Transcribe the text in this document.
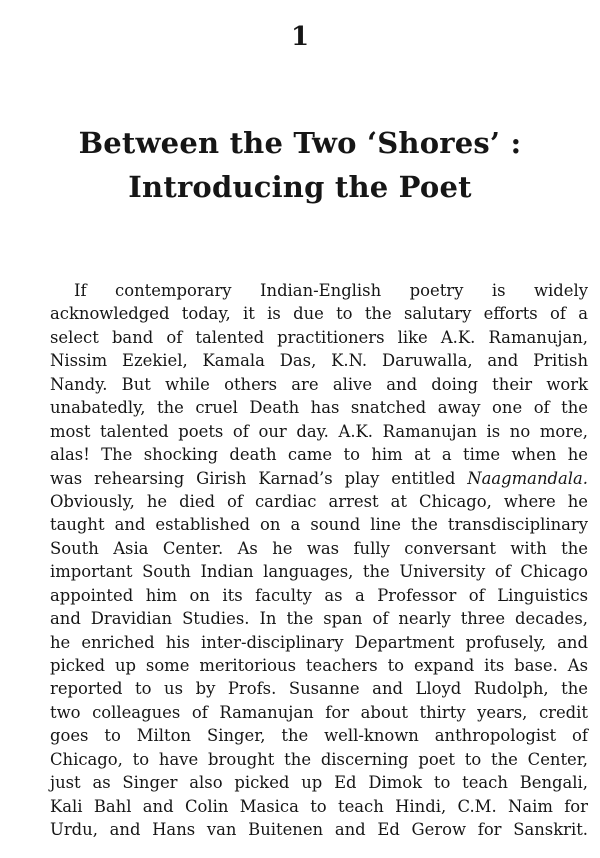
1
Between the Two ‘Shores’ :
Introducing the Poet
If contemporary Indian-English poetry is widely
acknowledged today, it is due to the salutary efforts of a
select band of talented practitioners like A.K. Ramanujan,
Nissim Ezekiel, Kamala Das, K.N. Daruwalla, and Pritish
Nandy. But while others are alive and doing their work
unabatedly, the cruel Death has snatched away one of the
most talented poets of our day. A.K. Ramanujan is no more,
alas! The shocking death came to him at a time when he
was rehearsing Girish Karnad’s play entitled Naagmandala.
Obviously, he died of cardiac arrest at Chicago, where he
taught and established on a sound line the transdisciplinary
South Asia Center. As he was fully conversant with the
important South Indian languages, the University of Chicago
appointed him on its faculty as a Professor of Linguistics
and Dravidian Studies. In the span of nearly three decades,
he enriched his inter-disciplinary Department profusely, and
picked up some meritorious teachers to expand its base. As
reported to us by Profs. Susanne and Lloyd Rudolph, the
two colleagues of Ramanujan for about thirty years, credit
goes to Milton Singer, the well-known anthropologist of
Chicago, to have brought the discerning poet to the Center,
just as Singer also picked up Ed Dimok to teach Bengali,
Kali Bahl and Colin Masica to teach Hindi, C.M. Naim for
Urdu, and Hans van Buitenen and Ed Gerow for Sanskrit.
